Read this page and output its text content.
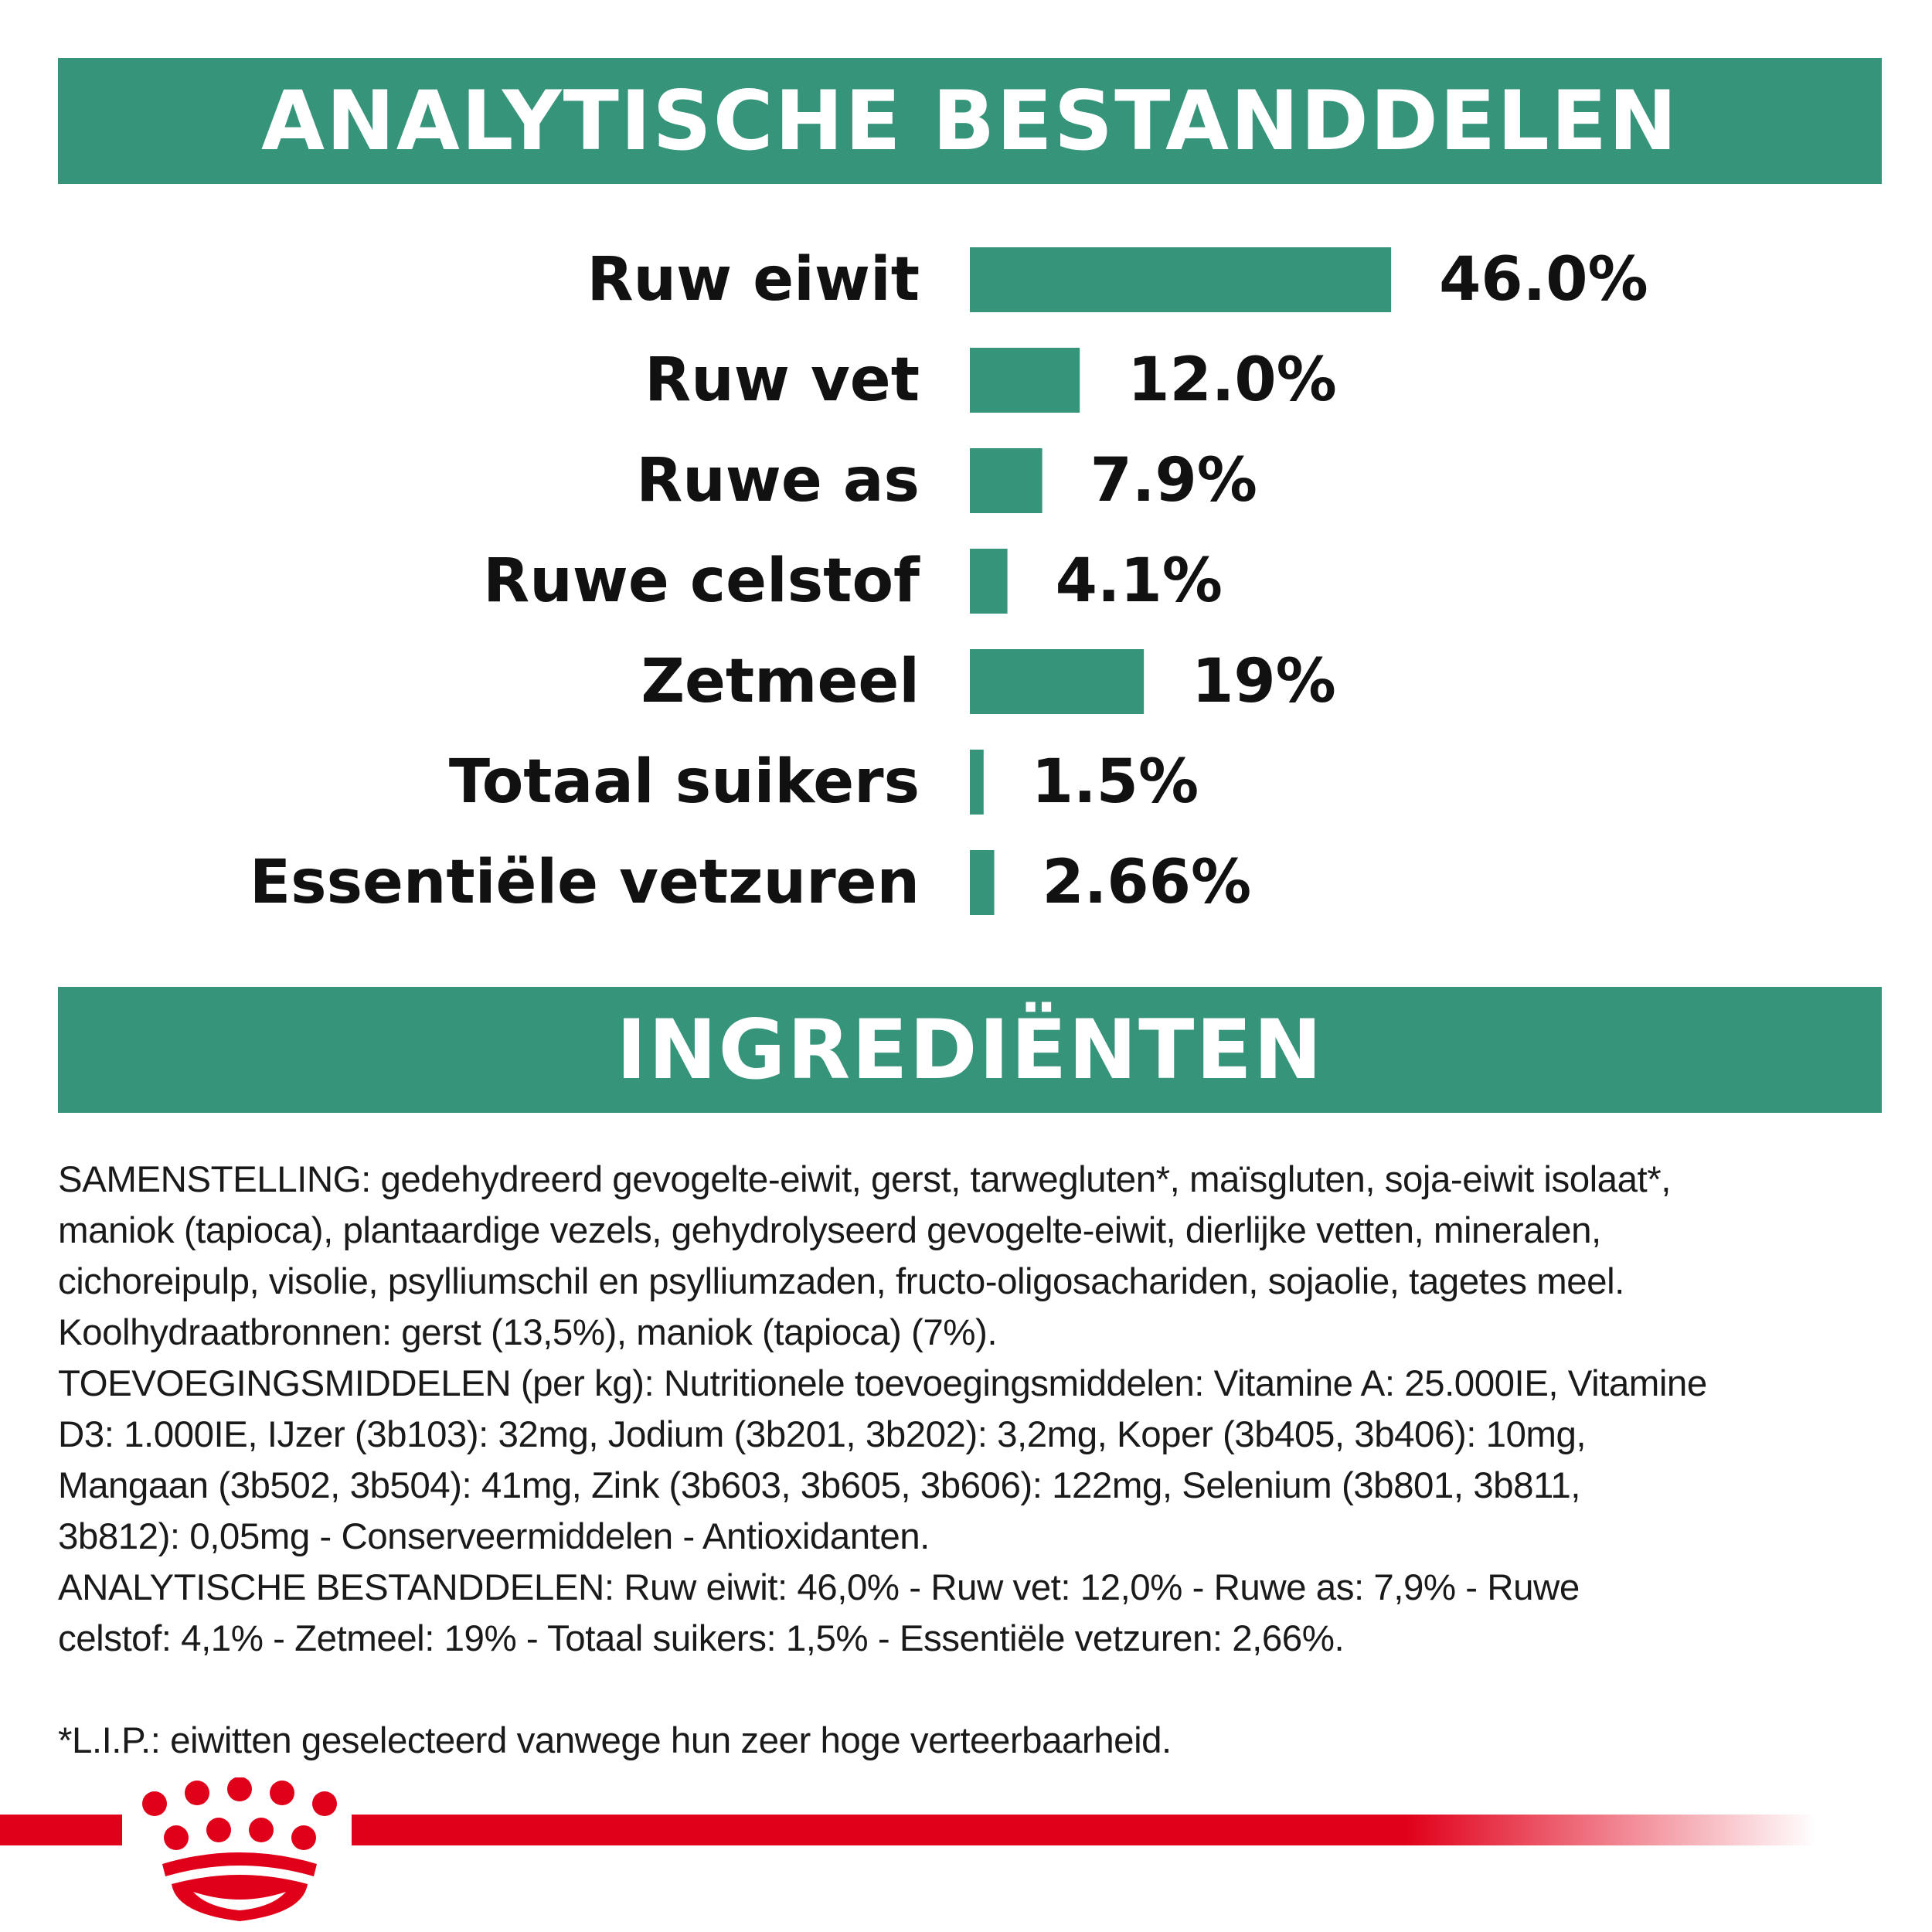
ANALYTISCHE BESTANDDELEN
Ruw eiwit	46.0%
Ruw vet	12.0%
Ruwe as	7.9%
Ruwe celstof 4.1%
Zetmeel	19%
Totaal suikers 1.5%
Essentiële vetzuren 2.66%
INGREDIËNTEN

SAMENSTELLING: gedehydreerd gevogelte-eiwit, gerst, tarwegluten*, maïsgluten, soja-eiwit isolaat*,

maniok (tapioca), plantaardige vezels, gehydrolyseerd gevogelte-eiwit, dierlijke vetten, mineralen,

cichoreipulp, visolie, psylliumschil en psylliumzaden, fructo-oligosachariden, sojaolie, tagetes meel.

Koolhydraatbronnen: gerst (13,5%), maniok (tapioca) (7%).

TOEVOEGINGSMIDDELEN (per kg): Nutritionele toevoegingsmiddelen: Vitamine A: 25.000IE, Vitamine

D3: 1.000IE, IJzer (3b103): 32mg, Jodium (3b201, 3b202): 3,2mg, Koper (3b405, 3b406): 10mg,

Mangaan (3b502, 3b504): 41mg, Zink (3b603, 3b605, 3b606): 122mg, Selenium (3b801, 3b811,

3b812): 0,05mg - Conserveermiddelen - Antioxidanten.

ANALYTISCHE BESTANDDELEN: Ruw eiwit: 46,0% - Ruw vet: 12,0% - Ruwe as: 7,9% - Ruwe

celstof: 4,1% - Zetmeel: 19% - Totaal suikers: 1,5% - Essentiële vetzuren: 2,66%.

*L.I.P.: eiwitten geselecteerd vanwege hun zeer hoge verteerbaarheid.
